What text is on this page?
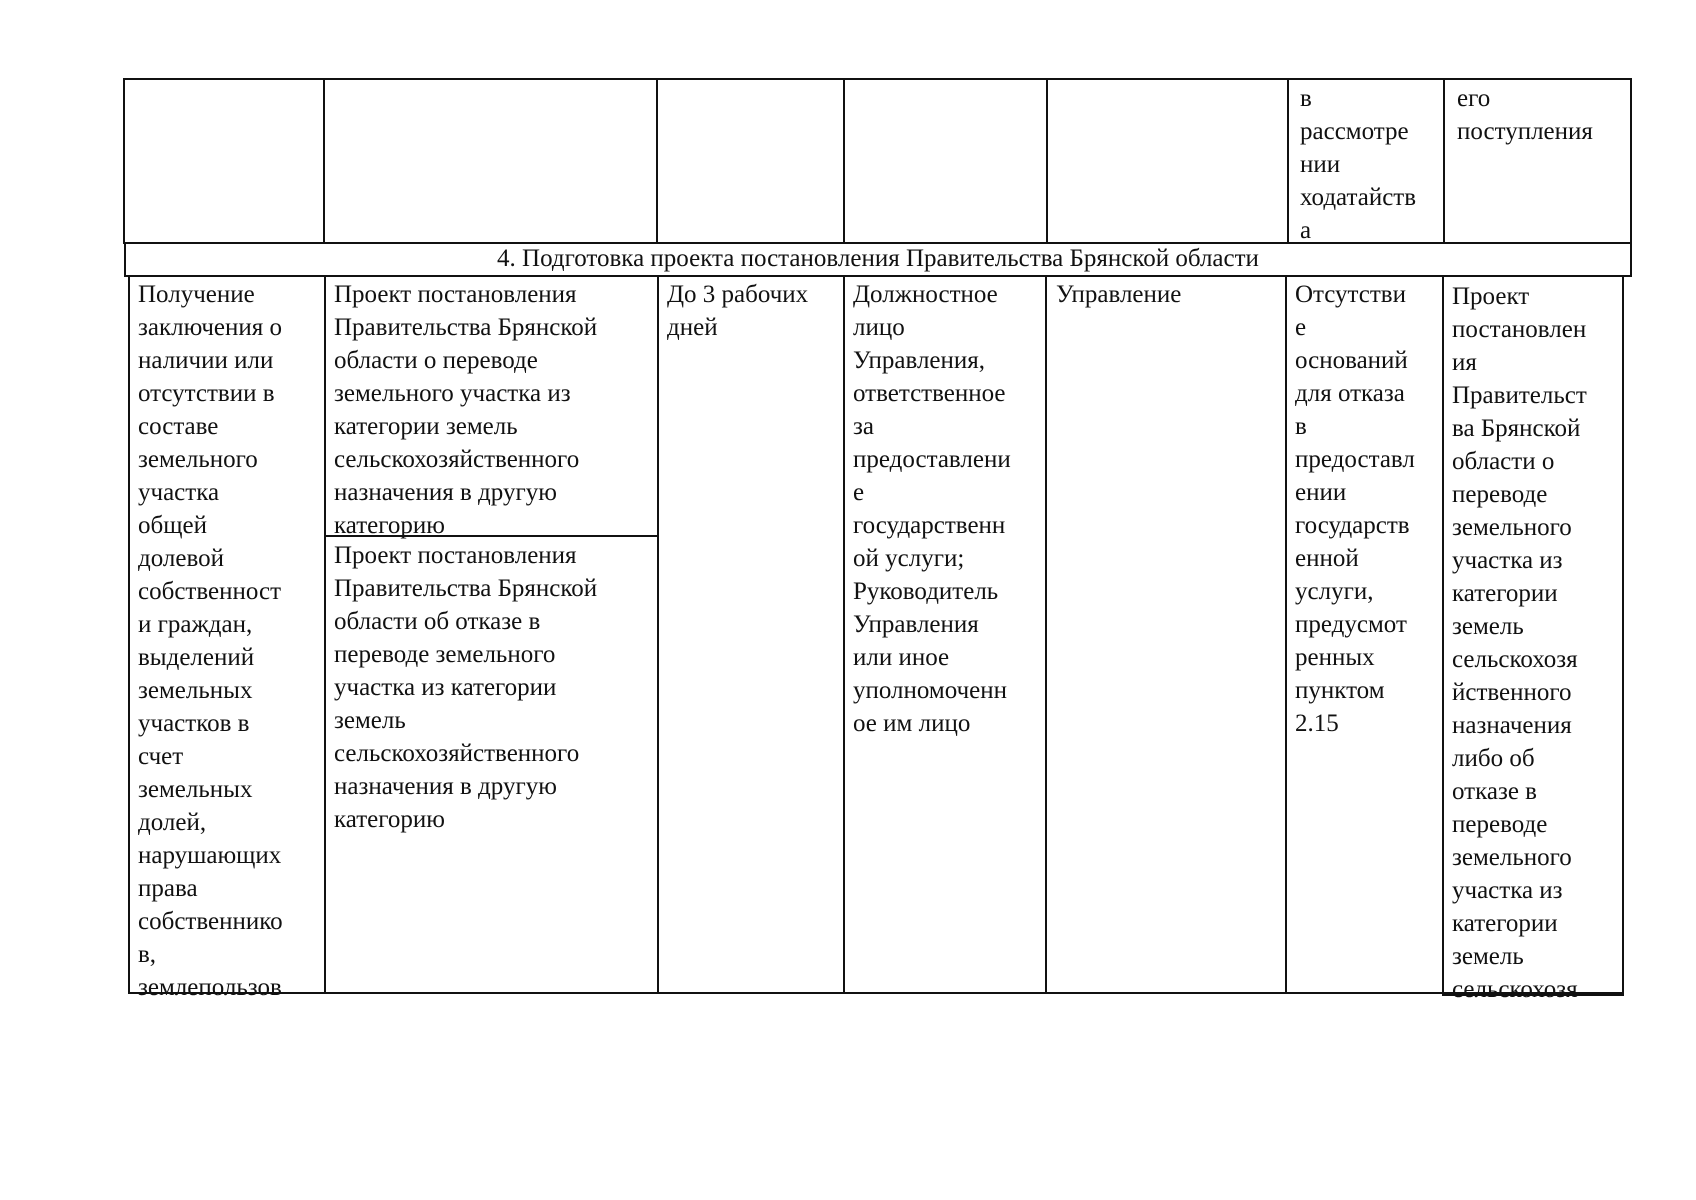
в
рассмотре
нии
ходатайств
а
его
поступления
4. Подготовка проекта постановления Правительства Брянской области
Получение
заключения о
наличии или
отсутствии в
составе
земельного
участка
общей
долевой
собственност
и граждан,
выделений
земельных
участков в
счет
земельных
долей,
нарушающих
права
собственнико
в,
землепользов
Проект постановления
Правительства Брянской
области о переводе
земельного участка из
категории земель
сельскохозяйственного
назначения в другую
категорию
Проект постановления
Правительства Брянской
области об отказе в
переводе земельного
участка из категории
земель
сельскохозяйственного
назначения в другую
категорию
До 3 рабочих
дней
Должностное
лицо
Управления,
ответственное
за
предоставлени
е
государственн
ой услуги;
Руководитель
Управления
или иное
уполномоченн
ое им лицо
Управление	Отсутстви
е
оснований
для отказа
в
предоставл
ении
государств
енной
услуги,
предусмот
ренных
пунктом
2.15
Проект
постановлен
ия
Правительст
ва Брянской
области о
переводе
земельного
участка из
категории
земель
сельскохозя
йственного
назначения
либо об
отказе в
переводе
земельного
участка из
категории
земель
сельскохозя
